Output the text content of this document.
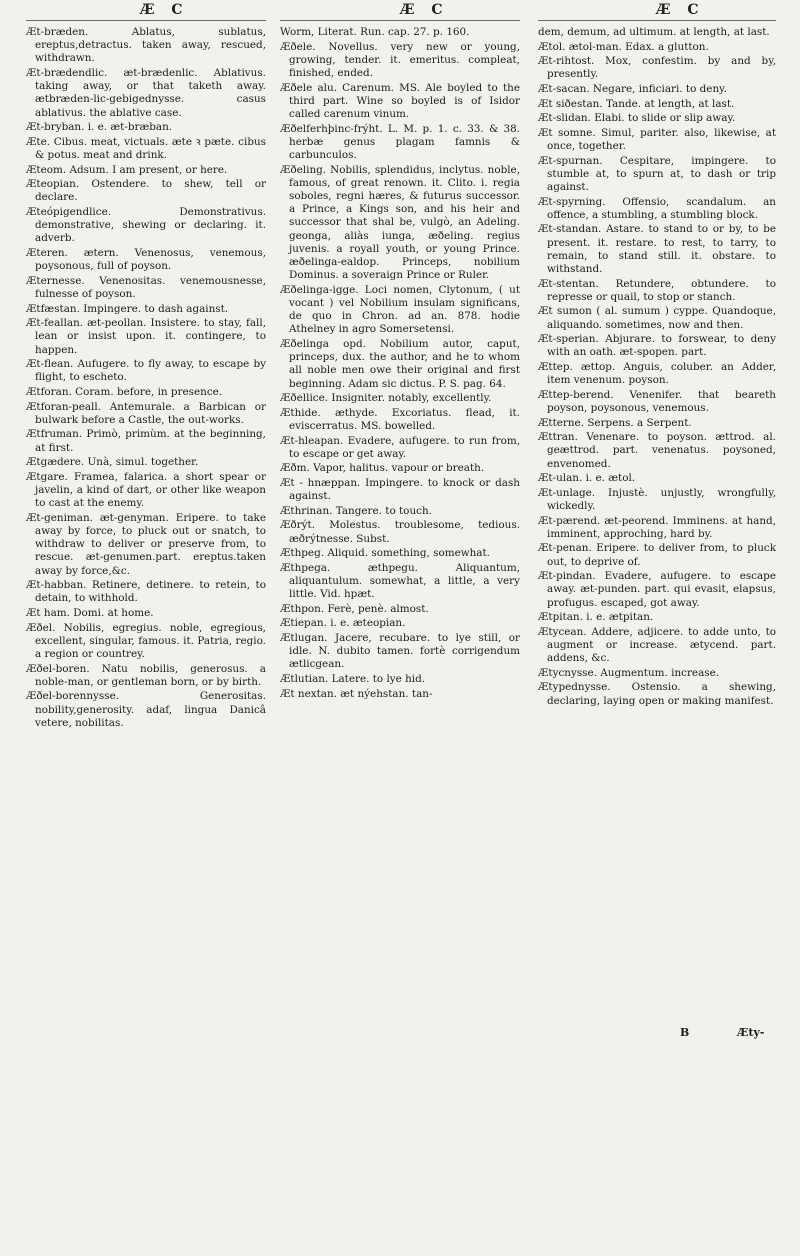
Æ C	Æ C	Æ C

Æt-bræden. Ablatus, sublatus, ereptus,detractus. taken away, rescued, withdrawn.

Æt-brædendlic. æt-brædenlic. Ablativus. taking away, or that taketh away. ætbræden-lic-gebigednysse. casus ablativus. the ablative case.

Æt-bryban. i. e. æt-bræban.

Æte. Cibus. meat, victuals. æte ꝛ pæte. cibus & potus. meat and drink.

Æteom. Adsum. I am present, or here.

Æteopian. Ostendere. to shew, tell or declare.

Æteópigendlice. Demonstrativus. demonstrative, shewing or declaring. it. adverb.

Æteren. ætern. Venenosus, venemous, poysonous, full of poyson.

Æternesse. Venenositas. venemousnesse, fulnesse of poyson.

Ætfæstan. Impingere. to dash against.

Æt-feallan. æt-peollan. Insistere. to stay, fall, lean or insist upon. it. contingere, to happen.

Æt-flean. Aufugere. to fly away, to escape by flight, to escheto.

Ætforan. Coram. before, in presence.

Ætforan-peall. Antemurale. a Barbican or bulwark before a Castle, the out-works.

Ætfruman. Primò, primùm. at the beginning, at first.

Ætgædere. Unà, simul. together.

Ætgare. Framea, falarica. a short spear or javelin, a kind of dart, or other like weapon to cast at the enemy.

Æt-geniman. æt-genyman. Eripere. to take away by force, to pluck out or snatch, to withdraw to deliver or preserve from, to rescue. æt-genumen.part. ereptus.taken away by force,&c.

Æt-habban. Retinere, detinere. to retein, to detain, to withhold.

Æt ham. Domi. at home.

Æðel. Nobilis, egregius. noble, egregious, excellent, singular, famous. it. Patria, regio. a region or countrey.

Æðel-boren. Natu nobilis, generosus. a noble-man, or gentleman born, or by birth.

Æðel-borennysse. Generositas. nobility,generosity. adaf, lingua Danicâ vetere, nobilitas.

Worm, Literat. Run. cap. 27. p. 160.

Æðele. Novellus. very new or young, growing, tender. it. emeritus. compleat, finished, ended.

Æðele alu. Carenum. MS. Ale boyled to the third part. Wine so boyled is of Isidor called carenum vinum.

Æðelferhþinc-frýht. L. M. p. 1. c. 33. & 38. herbæ genus plagam famnis & carbunculos.

Æðeling. Nobilis, splendidus, inclytus. noble, famous, of great renown. it. Clito. i. regia soboles, regni hæres, & futurus successor. a Prince, a Kings son, and his heir and successor that shal be, vulgò, an Adeling. geonga, aliàs iunga, æðeling. regius juvenis. a royall youth, or young Prince. æðelinga-ealdop. Princeps, nobilium Dominus. a soveraign Prince or Ruler.

Æðelinga-igge. Loci nomen, Clytonum, ( ut vocant ) vel Nobilium insulam significans, de quo in Chron. ad an. 878. hodie Athelney in agro Somersetensi.

Æðelinga opd. Nobilium autor, caput, princeps, dux. the author, and he to whom all noble men owe their original and first beginning. Adam sic dictus. P. S. pag. 64.

Æðellice. Insigniter. notably, excellently.

Æthide. æthyde. Excoriatus. flead, it. eviscerratus. MS. bowelled.

Æt-hleapan. Evadere, aufugere. to run from, to escape or get away.

Æðm. Vapor, halitus. vapour or breath.

Æt - hnæppan. Impingere. to knock or dash against.

Æthrinan. Tangere. to touch.

Æðrýt. Molestus. troublesome, tedious. æðrýtnesse. Subst.

Æthpeg. Aliquid. something, somewhat.

Æthpega. æthpegu. Aliquantum, aliquantulum. somewhat, a little, a very little. Vid. hpæt.

Æthpon. Ferè, penè. almost.

Ætiepan. i. e. æteopian.

Ætlugan. Jacere, recubare. to lye still, or idle. N. dubito tamen. fortè corrigendum ætlicgean.

Ætlutian. Latere. to lye hid.

Æt nextan. æt nýehstan. tan-

dem, demum, ad ultimum. at length, at last.

Ætol. ætol-man. Edax. a glutton.

Æt-rihtost. Mox, confestim. by and by, presently.

Æt-sacan. Negare, inficiari. to deny.

Æt siðestan. Tande. at length, at last.

Æt-slidan. Elabi. to slide or slip away.

Æt somne. Simul, pariter. also, likewise, at once, together.

Æt-spurnan. Cespitare, impingere. to stumble at, to spurn at, to dash or trip against.

Æt-spyrning. Offensio, scandalum. an offence, a stumbling, a stumbling block.

Æt-standan. Astare. to stand to or by, to be present. it. restare. to rest, to tarry, to remain, to stand still. it. obstare. to withstand.

Æt-stentan. Retundere, obtundere. to represse or quail, to stop or stanch.

Æt sumon ( al. sumum ) cyppe. Quandoque, aliquando. sometimes, now and then.

Æt-sperian. Abjurare. to forswear, to deny with an oath. æt-spopen. part.

Ættep. ættop. Anguis, coluber. an Adder, item venenum. poyson.

Ættep-berend. Venenifer. that beareth poyson, poysonous, venemous.

Ætterne. Serpens. a Serpent.

Ættran. Venenare. to poyson. ættrod. al. geættrod. part. venenatus. poysoned, envenomed.

Æt-ulan. i. e. ætol.

Æt-unlage. Injustè. unjustly, wrongfully, wickedly.

Æt-pærend. æt-peorend. Imminens. at hand, imminent, approching, hard by.

Æt-penan. Eripere. to deliver from, to pluck out, to deprive of.

Æt-pindan. Evadere, aufugere. to escape away. æt-punden. part. qui evasit, elapsus, profugus. escaped, got away.

Ætpitan. i. e. ætpitan.

Ætycean. Addere, adjicere. to adde unto, to augment or increase. ætycend. part. addens, &c.

Ætycnysse. Augmentum. increase.

Ætypednysse. Ostensio. a shewing, declaring, laying open or making manifest.

B	Æty-
